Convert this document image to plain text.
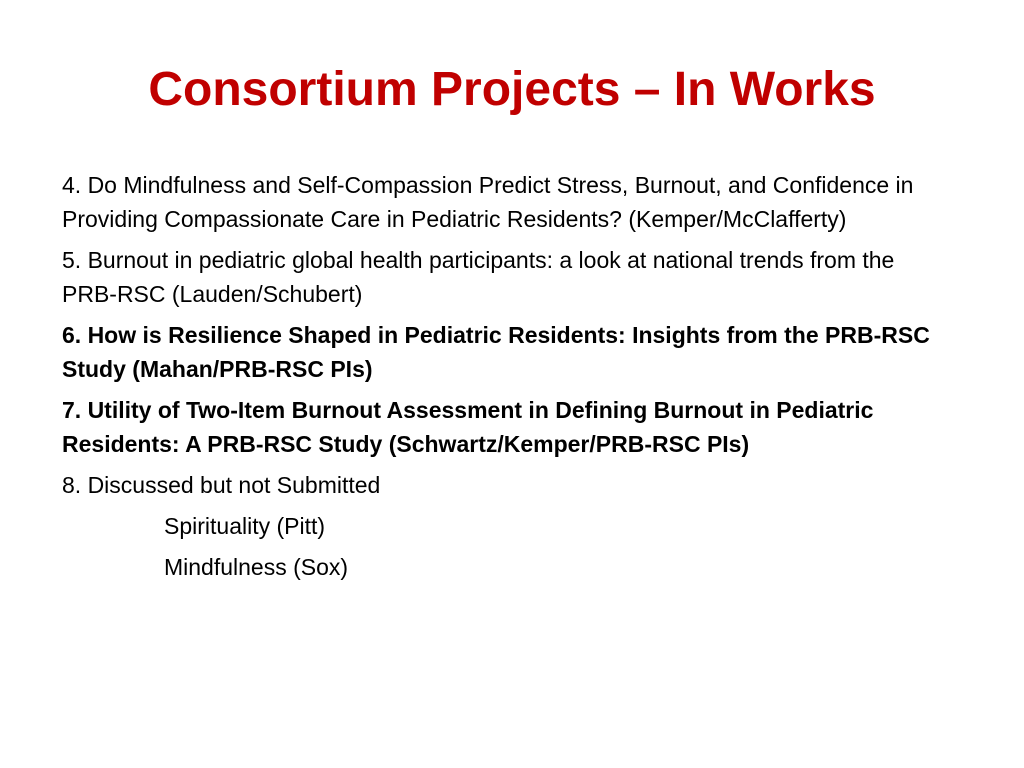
Consortium Projects – In Works

4. Do Mindfulness and Self-Compassion Predict Stress, Burnout, and Confidence in Providing Compassionate Care in Pediatric Residents? (Kemper/McClafferty)

5. Burnout in pediatric global health participants: a look at national trends from the PRB-RSC (Lauden/Schubert)

6. How is Resilience Shaped in Pediatric Residents: Insights from the PRB-RSC Study (Mahan/PRB-RSC PIs)

7. Utility of Two-Item Burnout Assessment in Defining Burnout in Pediatric Residents: A PRB-RSC Study (Schwartz/Kemper/PRB-RSC PIs)

8. Discussed but not Submitted

Spirituality (Pitt)
Mindfulness (Sox)
